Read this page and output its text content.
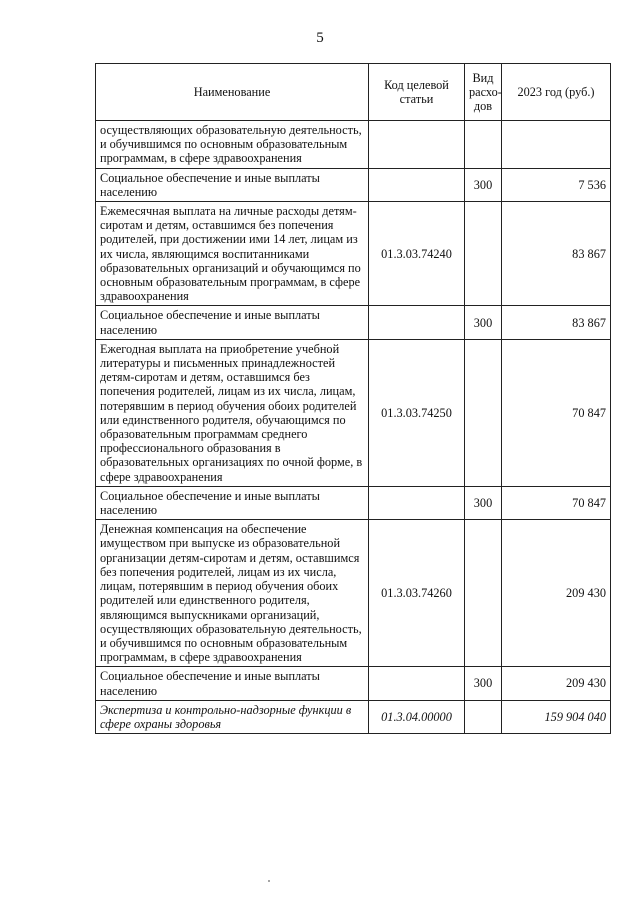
5
Наименование	Код целевой статьи	Вид расхо-дов	2023 год (руб.)
осуществляющих образовательную деятельность, и обучившимся по основным образовательным программам, в сфере здравоохранения			
Социальное обеспечение и иные выплаты населению		300	7 536
Ежемесячная выплата на личные расходы детям-сиротам и детям, оставшимся без попечения родителей, при достижении ими 14 лет, лицам из их числа, являющимся воспитанниками образовательных организаций и обучающимся по основным образовательным программам, в сфере здравоохранения	01.3.03.74240		83 867
Социальное обеспечение и иные выплаты населению		300	83 867
Ежегодная выплата на приобретение учебной литературы и письменных принадлежностей детям-сиротам и детям, оставшимся без попечения родителей, лицам из их числа, лицам, потерявшим в период обучения обоих родителей или единственного родителя, обучающимся по образовательным программам среднего профессионального образования в образовательных организациях по очной форме, в сфере здравоохранения	01.3.03.74250		70 847
Социальное обеспечение и иные выплаты населению		300	70 847
Денежная компенсация на обеспечение имуществом при выпуске из образовательной организации детям-сиротам и детям, оставшимся без попечения родителей, лицам из их числа, лицам, потерявшим в период обучения обоих родителей или единственного родителя, являющимся выпускниками организаций, осуществляющих образовательную деятельность, и обучившимся по основным образовательным программам, в сфере здравоохранения	01.3.03.74260		209 430
Социальное обеспечение и иные выплаты населению		300	209 430
Экспертиза и контрольно-надзорные функции в сфере охраны здоровья	01.3.04.00000		159 904 040
